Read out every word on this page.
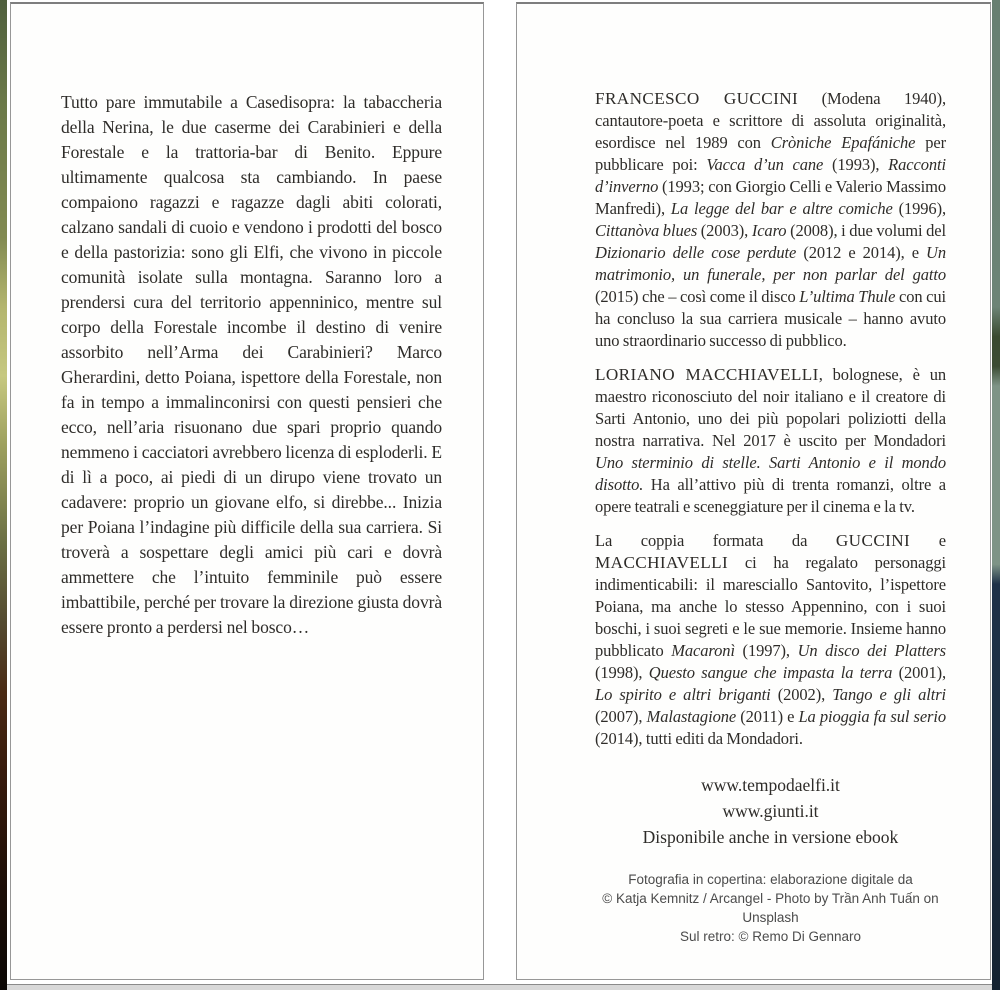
Tutto pare immutabile a Casedisopra: la tabaccheria della Nerina, le due caserme dei Carabinieri e della Forestale e la trattoria-bar di Benito. Eppure ultimamente qualcosa sta cambiando. In paese compaiono ragazzi e ragazze dagli abiti colorati, calzano sandali di cuoio e vendono i prodotti del bosco e della pastorizia: sono gli Elfi, che vivono in piccole comunità isolate sulla montagna. Saranno loro a prendersi cura del territorio appenninico, mentre sul corpo della Forestale incombe il destino di venire assorbito nell’Arma dei Carabinieri? Marco Gherardini, detto Poiana, ispettore della Forestale, non fa in tempo a immalinconirsi con questi pensieri che ecco, nell’aria risuonano due spari proprio quando nemmeno i cacciatori avrebbero licenza di esploderli. E di lì a poco, ai piedi di un dirupo viene trovato un cadavere: proprio un giovane elfo, si direbbe... Inizia per Poiana l’indagine più difficile della sua carriera. Si troverà a sospettare degli amici più cari e dovrà ammettere che l’intuito femminile può essere imbattibile, perché per trovare la direzione giusta dovrà essere pronto a perdersi nel bosco…

FRANCESCO GUCCINI (Modena 1940), cantautore-poeta e scrittore di assoluta originalità, esordisce nel 1989 con Cròniche Epafániche per pubblicare poi: Vacca d’un cane (1993), Racconti d’inverno (1993; con Giorgio Celli e Valerio Massimo Manfredi), La legge del bar e altre comiche (1996), Cittanòva blues (2003), Icaro (2008), i due volumi del Dizionario delle cose perdute (2012 e 2014), e Un matrimonio, un funerale, per non parlar del gatto (2015) che – così come il disco L’ultima Thule con cui ha concluso la sua carriera musicale – hanno avuto uno straordinario successo di pubblico.

LORIANO MACCHIAVELLI, bolognese, è un maestro riconosciuto del noir italiano e il creatore di Sarti Antonio, uno dei più popolari poliziotti della nostra narrativa. Nel 2017 è uscito per Mondadori Uno sterminio di stelle. Sarti Antonio e il mondo disotto. Ha all’attivo più di trenta romanzi, oltre a opere teatrali e sceneggiature per il cinema e la tv.

La coppia formata da GUCCINI e MACCHIAVELLI ci ha regalato personaggi indimenticabili: il maresciallo Santovito, l’ispettore Poiana, ma anche lo stesso Appennino, con i suoi boschi, i suoi segreti e le sue memorie. Insieme hanno pubblicato Macaronì (1997), Un disco dei Platters (1998), Questo sangue che impasta la terra (2001), Lo spirito e altri briganti (2002), Tango e gli altri (2007), Malastagione (2011) e La pioggia fa sul serio (2014), tutti editi da Mondadori.

www.tempodaelfi.it
www.giunti.it
Disponibile anche in versione ebook
Fotografia in copertina: elaborazione digitale da
© Katja Kemnitz / Arcangel - Photo by Trần Anh Tuấn on Unsplash
Sul retro: © Remo Di Gennaro
